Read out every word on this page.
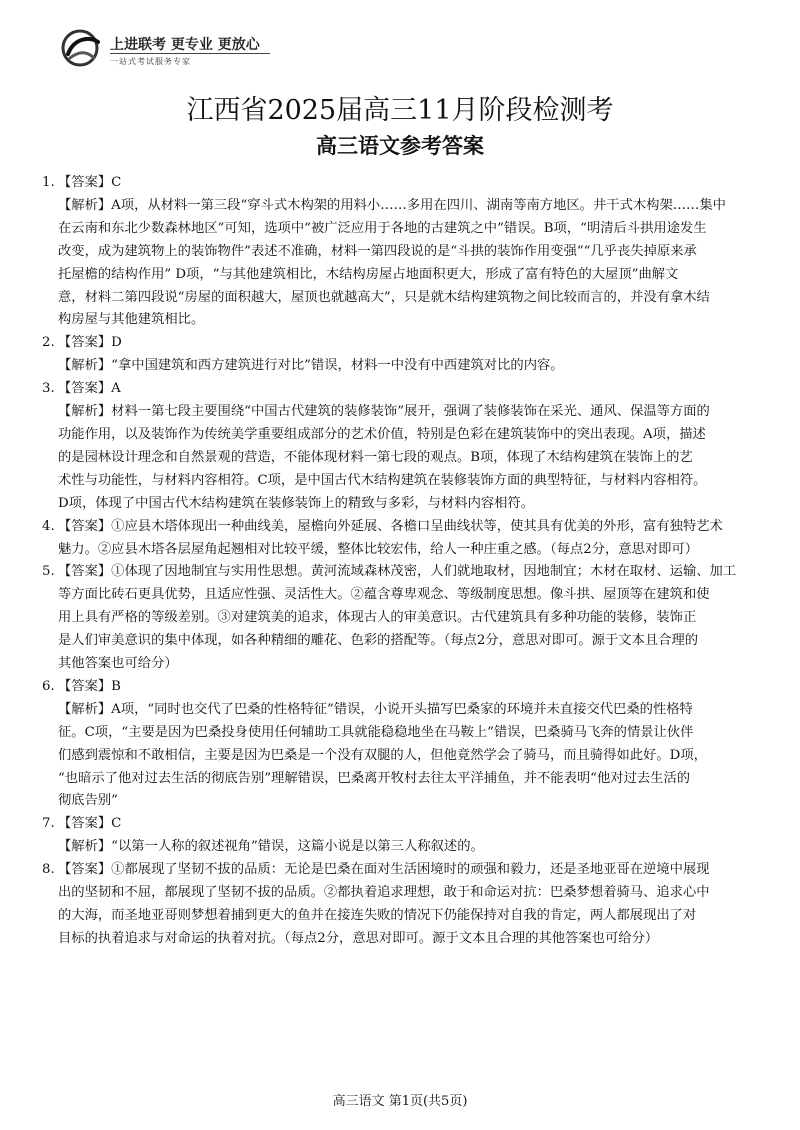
上进联考 更专业 更放心
一站式考试服务专家
江西省2025届高三11月阶段检测考
高三语文参考答案
1. 【答案】C
【解析】A项，从材料一第三段“穿斗式木构架的用料小……多用在四川、湖南等南方地区。井干式木构架……集中
在云南和东北少数森林地区”可知，选项中“被广泛应用于各地的古建筑之中”错误。B项，“明清后斗拱用途发生
改变，成为建筑物上的装饰物件”表述不准确，材料一第四段说的是“斗拱的装饰作用变强”“几乎丧失掉原来承
托屋檐的结构作用” D项，“与其他建筑相比，木结构房屋占地面积更大，形成了富有特色的大屋顶”曲解文
意，材料二第四段说“房屋的面积越大，屋顶也就越高大”，只是就木结构建筑物之间比较而言的，并没有拿木结
构房屋与其他建筑相比。
2. 【答案】D
【解析】“拿中国建筑和西方建筑进行对比”错误，材料一中没有中西建筑对比的内容。
3. 【答案】A
【解析】材料一第七段主要围绕“中国古代建筑的装修装饰”展开，强调了装修装饰在采光、通风、保温等方面的
功能作用，以及装饰作为传统美学重要组成部分的艺术价值，特别是色彩在建筑装饰中的突出表现。A项，描述
的是园林设计理念和自然景观的营造，不能体现材料一第七段的观点。B项，体现了木结构建筑在装饰上的艺
术性与功能性，与材料内容相符。C项，是中国古代木结构建筑在装修装饰方面的典型特征，与材料内容相符。
D项，体现了中国古代木结构建筑在装修装饰上的精致与多彩，与材料内容相符。
4. 【答案】①应县木塔体现出一种曲线美，屋檐向外延展、各檐口呈曲线状等，使其具有优美的外形，富有独特艺术
魅力。②应县木塔各层屋角起翘相对比较平缓，整体比较宏伟，给人一种庄重之感。（每点2分，意思对即可）
5. 【答案】①体现了因地制宜与实用性思想。黄河流域森林茂密，人们就地取材，因地制宜；木材在取材、运输、加工
等方面比砖石更具优势，且适应性强、灵活性大。②蕴含尊卑观念、等级制度思想。像斗拱、屋顶等在建筑和使
用上具有严格的等级差别。③对建筑美的追求，体现古人的审美意识。古代建筑具有多种功能的装修，装饰正
是人们审美意识的集中体现，如各种精细的雕花、色彩的搭配等。（每点2分，意思对即可。源于文本且合理的
其他答案也可给分）
6. 【答案】B
【解析】A项，“同时也交代了巴桑的性格特征”错误，小说开头描写巴桑家的环境并未直接交代巴桑的性格特
征。C项，“主要是因为巴桑投身使用任何辅助工具就能稳稳地坐在马鞍上”错误，巴桑骑马飞奔的情景让伙伴
们感到震惊和不敢相信，主要是因为巴桑是一个没有双腿的人，但他竟然学会了骑马，而且骑得如此好。D项，
“也暗示了他对过去生活的彻底告别”理解错误，巴桑离开牧村去往太平洋捕鱼，并不能表明“他对过去生活的
彻底告别”
7. 【答案】C
【解析】“以第一人称的叙述视角”错误，这篇小说是以第三人称叙述的。
8. 【答案】①都展现了坚韧不拔的品质：无论是巴桑在面对生活困境时的顽强和毅力，还是圣地亚哥在逆境中展现
出的坚韧和不屈，都展现了坚韧不拔的品质。②都执着追求理想，敢于和命运对抗：巴桑梦想着骑马、追求心中
的大海，而圣地亚哥则梦想着捕到更大的鱼并在接连失败的情况下仍能保持对自我的肯定，两人都展现出了对
目标的执着追求与对命运的执着对抗。（每点2分，意思对即可。源于文本且合理的其他答案也可给分）
高三语文 第1页(共5页)
